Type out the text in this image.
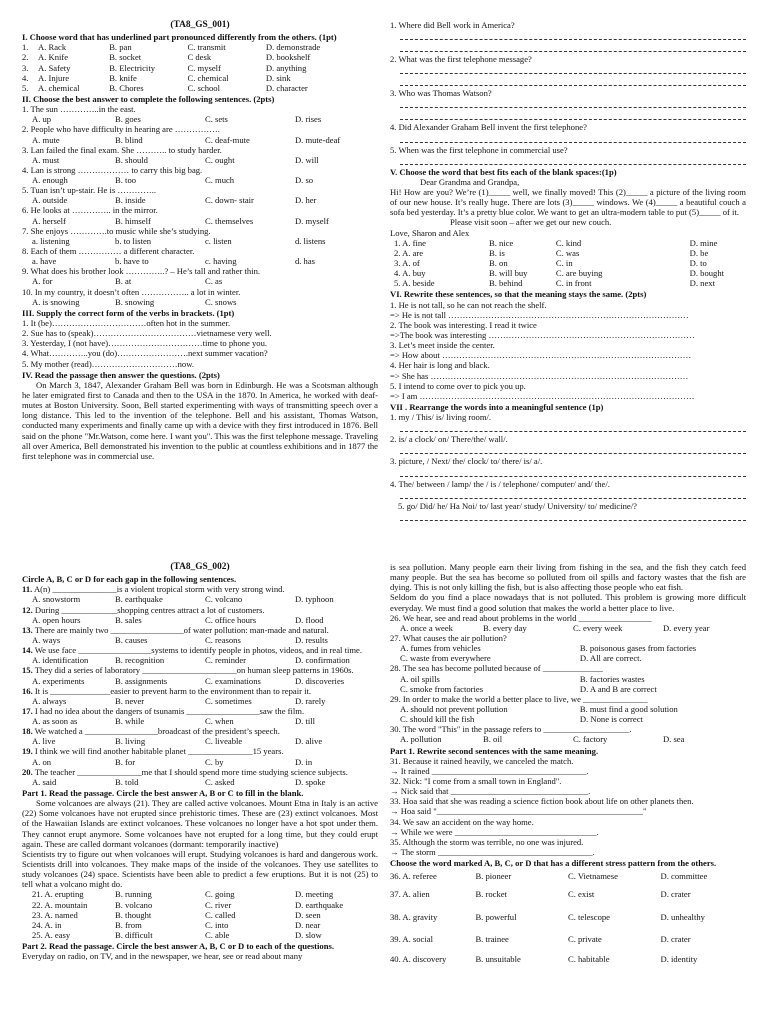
(TA8_GS_001)

I. Choose word that has underlined part pronounced differently from the others. (1pt)

1.	A. Rack	B. pan	C. transmit	D. demonstrade
2.	A. Knife	B. socket	C desk	D. bookshelf
3.	A. Safety	B. Electricity	C. myself	D. anything
4.	A. Injure	B. knife	C. chemical	D. sink
5.	A. chemical	B. Chores	C. school	D. character

II. Choose the best answer to complete the following sentences. (2pts)

1. The sun …………..in the east.

A. up	B. goes	C. sets	D. rises

2. People who have difficulty in hearing are …………….

A. mute	B. blind	C. deaf-mute	D. mute-deaf

3. Lan failed the final exam. She ……….. to study harder.

A. must	B. should	C. ought	D. will

4. Lan is strong ……………… to carry this big bag.

A. enough	B. too	C. much	D. so

5. Tuan isn’t up-stair. He is …………..

A. outside	B. inside	C. down- stair	D. her

6. He looks at ………….. in the mirror.

A. herself	B. himself	C. themselves	D. myself

7. She enjoys ………….to music while she’s studying.

a. listening	b. to listen	c. listen	d. listens

8. Each of them …………… a different character.

a. have	b. have to	c. having	d. has

9. What does his brother look …………..? – He’s tall and rather thin.

A. for	B. at	C. as

10. In my country, it doesn’t often …………….. a lot in winter.

A. is snowing	B. snowing	C. snows

III. Supply the correct form of the verbs in brackets. (1pt)

1. It (be)……………………………often hot in the summer.

2. Sue has to (speak)………………………………vietnamese very well.

3. Yesterday, I (not have)……………………………time to phone you.

4. What…………..you (do)…………………….next summer vacation?

5. My mother (read)…………………………now.

IV. Read the passage then answer the questions. (2pts)

On March 3, 1847, Alexander Graham Bell was born in Edinburgh. He was a Scotsman although he later emigrated first to Canada and then to the USA in the 1870. In America, he worked with deaf-mutes at Boston University. Soon, Bell started experimenting with ways of transmitting speech over a long distance. This led to the invention of the telephone. Bell and his assistant, Thomas Watson, conducted many experiments and finally came up with a device with they first introduced in 1876. Bell said on the phone "Mr.Watson, come here. I want you". This was the first telephone message. Traveling all over America, Bell demonstrated his invention to the public at countless exhibitions and in 1877 the first telephone was in commercial use.

1. Where did Bell work in America?

2. What was the first telephone message?

3. Who was Thomas Watson?

4. Did Alexander Graham Bell invent the first telephone?

5. When was the first telephone in commercial use?

V. Choose the word that best fits each of the blank spaces:(1p)

Dear Grandma and Grandpa,

Hi! How are you? We’re (1)_____ well, we finally moved! This (2)_____ a picture of the living room of our new house. It’s really huge. There are lots (3)_____ windows. We (4)_____ a beautiful couch a sofa bed yesterday. It’s a pretty blue color. We want to get an ultra-modern table to put (5)_____ of it.

Please visit soon – after we get our new couch.

Love, Sharon and Alex

1. A. fine	B. nice	C. kind	D. mine
2. A. are	B. is	C. was	D. be
3. A. of	B. on	C. in	D. to
4. A. buy	B. will buy	C. are buying	D. bought
5. A. beside	B. behind	C. in front	D. next

VI. Rewrite these sentences, so that the meaning stays the same. (2pts)

1. He is not tall, so he can not reach the shelf.

=> He is not tall …………………………………………………………………………

2. The book was interesting. I read it twice

=>The book was interesting ………………………………………………………………

3. Let’s meet inside the center.

=> How about ……………………………………………………………………………

4. Her hair is long and black.

=> She has ………………………………………………………………………………

5. I intend to come over to pick you up.

=> I am ……………………………………………………………………………………

VII . Rearrange the words into a meaningful sentence (1p)

1. my / This/ is/ living room/.

2. is/ a clock/ on/ There/the/ wall/.

3. picture, / Next/ the/ clock/ to/ there/ is/ a/.

4. The/ between / lamp/ the / is / telephone/ computer/ and/ the/.

5. go/ Did/ he/ Ha Noi/ to/ last year/ study/ University/ to/ medicine/?

(TA8_GS_002)

Circle A, B, C or D for each gap in the following sentences.

11. A(n) _______________is a violent tropical storm with very strong wind.

A. snowstorm	B. earthquake	C. volcano	D. typhoon

12. During _____________shopping centres attract a lot of customers.

A. open hours	B. sales	C. office hours	D. flood

13. There are mainly two _________________of water pollution: man-made and natural.

A. ways	B. causes	C. reasons	D. results

14. We use face _________________systems to identify people in photos, videos, and in real time.

A. identification	B. recognition	C. reminder	D. confirmation

15. They did a series of laboratory ______________________on human sleep patterns in 1960s.

A. experiments	B. assignments	C. examinations	D. discoveries

16. It is ______________easier to prevent harm to the environment than to repair it.

A. always	B. never	C. sometimes	D. rarely

17. I had no idea about the dangers of tsunamis _________________saw the film.

A. as soon as	B. while	C. when	D. till

18. We watched a _________________broadcast of the president’s speech.

A. live	B. living	C. liveable	D. alive

19. I think we will find another habitable planet _______________15 years.

A. on	B. for	C. by	D. in

20. The teacher _______________me that I should spend more time studying science subjects.

A. said	B. told	C. asked	D. spoke

Part 1. Read the passage. Circle the best answer A, B or C to fill in the blank.

Some volcanoes are always (21). They are called active volcanoes. Mount Etna in Italy is an active (22) Some volcanoes have not erupted since prehistoric times. These are (23) extinct volcanoes. Most of the Hawaiian Islands are extinct volcanoes. These volcanoes no longer have a hot spot under them. They cannot erupt anymore. Some volcanoes have not erupted for a long time, but they could erupt again. These are called dormant volcanoes (dormant: temporarily inactive)

Scientists try to figure out when volcanoes will erupt. Studying volcanoes is hard and dangerous work. Scientists drill into volcanoes. They make maps of the inside of the volcanoes. They use satellites to study volcanoes (24) space. Scientists have been able to predict a few eruptions. But it is not (25) to tell what a volcano might do.

21. A. erupting	B. running	C. going	D. meeting
22. A. mountain	B. volcano	C. river	D. earthquake
23. A. named	B. thought	C. called	D. seen
24. A. in	B. from	C. into	D. near
25. A. easy	B. difficult	C. able	D. slow

Part 2. Read the passage. Circle the best answer A, B, C or D to each of the questions.

Everyday on radio, on TV, and in the newspaper, we hear, see or read about many

is sea pollution. Many people earn their living from fishing in the sea, and the fish they catch feed many people. But the sea has become so polluted from oil spills and factory wastes that the fish are dying. This is not only killing the fish, but is also affecting those people who eat fish.

Seldom do you find a place nowadays that is not polluted. This problem is growing more difficult everyday. We must find a good solution that makes the world a better place to live.

26. We hear, see and read about problems in the world _________________

A. once a week	B. every day	C. every week	D. every year

27. What causes the air pollution?

A. fumes from vehicles	B. poisonous gases from factories
C. waste from everywhere	D. All are correct.

28. The sea has become polluted because of ______________

A. oil spills	B. factories wastes
C. smoke from factories	D. A and B are correct

29. In order to make the world a better place to live, we _______________

A. should not prevent pollution	B. must find a good solution
C. should kill the fish	D. None is correct

30. The word "This" in the passage refers to ____________________.

A. pollution	B. oil	C. factory	D. sea

Part 1. Rewrite second sentences with the same meaning.

31. Because it rained heavily, we canceled the match.

→ It rained ____________________________________.

32. Nick: "I come from a small town in England".

→ Nick said that ________________________________.

33. Hoa said that she was reading a science fiction book about life on other planets then.

→ Hoa said "________________________________________________"

34. We saw an accident on the way home.

→ While we were _________________________________.

35. Although the storm was terrible, no one was injured.

→ The storm ____________________________________.

Choose the word marked A, B, C, or D that has a different stress pattern from the others.

36. A. referee	B. pioneer	C. Vietnamese	D. committee
37. A. alien	B. rocket	C. exist	D. crater
38. A. gravity	B. powerful	C. telescope	D. unhealthy
39. A. social	B. trainee	C. private	D. crater
40. A. discovery	B. unsuitable	C. habitable	D. identity
